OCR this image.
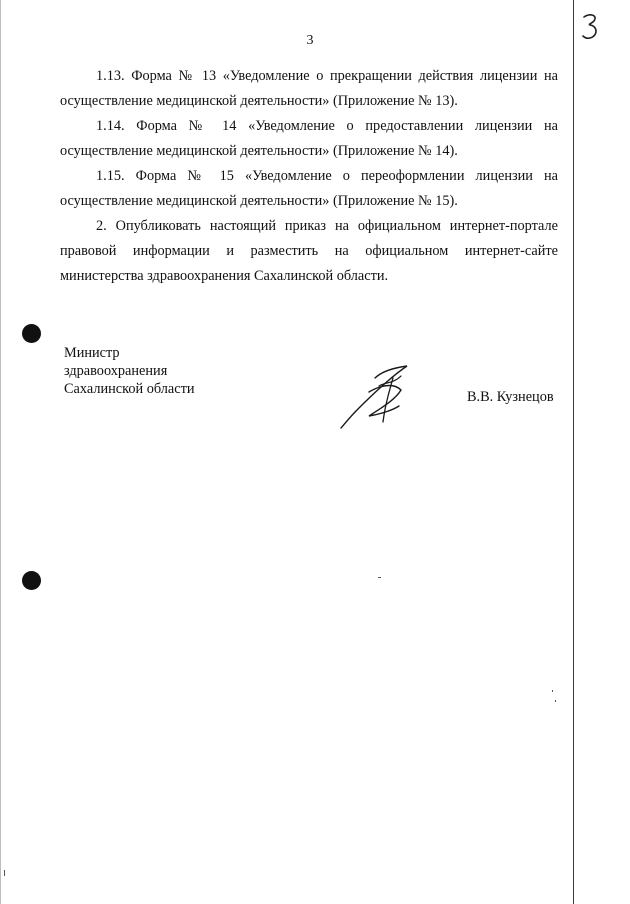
3

1.13. Форма № 13 «Уведомление о прекращении действия лицензии на
осуществление медицинской деятельности» (Приложение № 13).

1.14. Форма № 14 «Уведомление о предоставлении лицензии на
осуществление медицинской деятельности» (Приложение № 14).

1.15. Форма № 15 «Уведомление о переоформлении лицензии на
осуществление медицинской деятельности» (Приложение № 15).

2. Опубликовать настоящий приказ на официальном интернет-портале
правовой информации и разместить на официальном интернет-сайте
министерства здравоохранения Сахалинской области.

Министр
здравоохранения
Сахалинской области	В.В. Кузнецов
